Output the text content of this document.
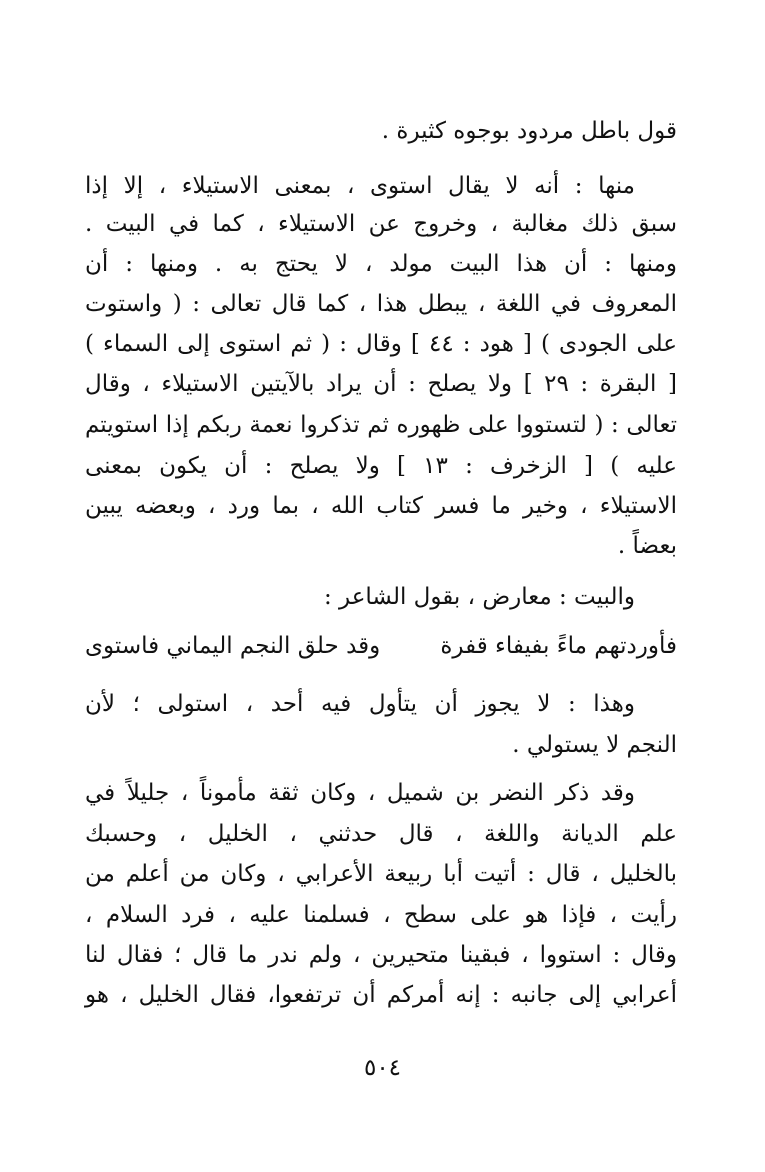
قول باطل مردود بوجوه كثيرة .
منها : أنه لا يقال استوى ، بمعنى الاستيلاء ، إلا إذا
سبق ذلك مغالبة ، وخروج عن الاستيلاء ، كما في البيت .
ومنها : أن هذا البيت مولد ، لا يحتج به . ومنها : أن
المعروف في اللغة ، يبطل هذا ، كما قال تعالى : ( واستوت
على الجودى ) [ هود : ٤٤ ] وقال : ( ثم استوى إلى السماء )
[ البقرة : ٢٩ ] ولا يصلح : أن يراد بالآيتين الاستيلاء ، وقال
تعالى : ( لتستووا على ظهوره ثم تذكروا نعمة ربكم إذا استويتم
عليه ) [ الزخرف : ١٣ ] ولا يصلح : أن يكون بمعنى
الاستيلاء ، وخير ما فسر كتاب الله ، بما ورد ، وبعضه يبين
بعضاً .
والبيت : معارض ، بقول الشاعر :
فأوردتهم ماءً بفيفاء قفرة
وقد حلق النجم اليماني فاستوى
وهذا : لا يجوز أن يتأول فيه أحد ، استولى ؛ لأن
النجم لا يستولي .
وقد ذكر النضر بن شميل ، وكان ثقة مأموناً ، جليلاً في
علم الديانة واللغة ، قال حدثني ، الخليل ، وحسبك
بالخليل ، قال : أتيت أبا ربيعة الأعرابي ، وكان من أعلم من
رأيت ، فإذا هو على سطح ، فسلمنا عليه ، فرد السلام ،
وقال : استووا ، فبقينا متحيرين ، ولم ندر ما قال ؛ فقال لنا
أعرابي إلى جانبه : إنه أمركم أن ترتفعوا، فقال الخليل ، هو
٥٠٤
